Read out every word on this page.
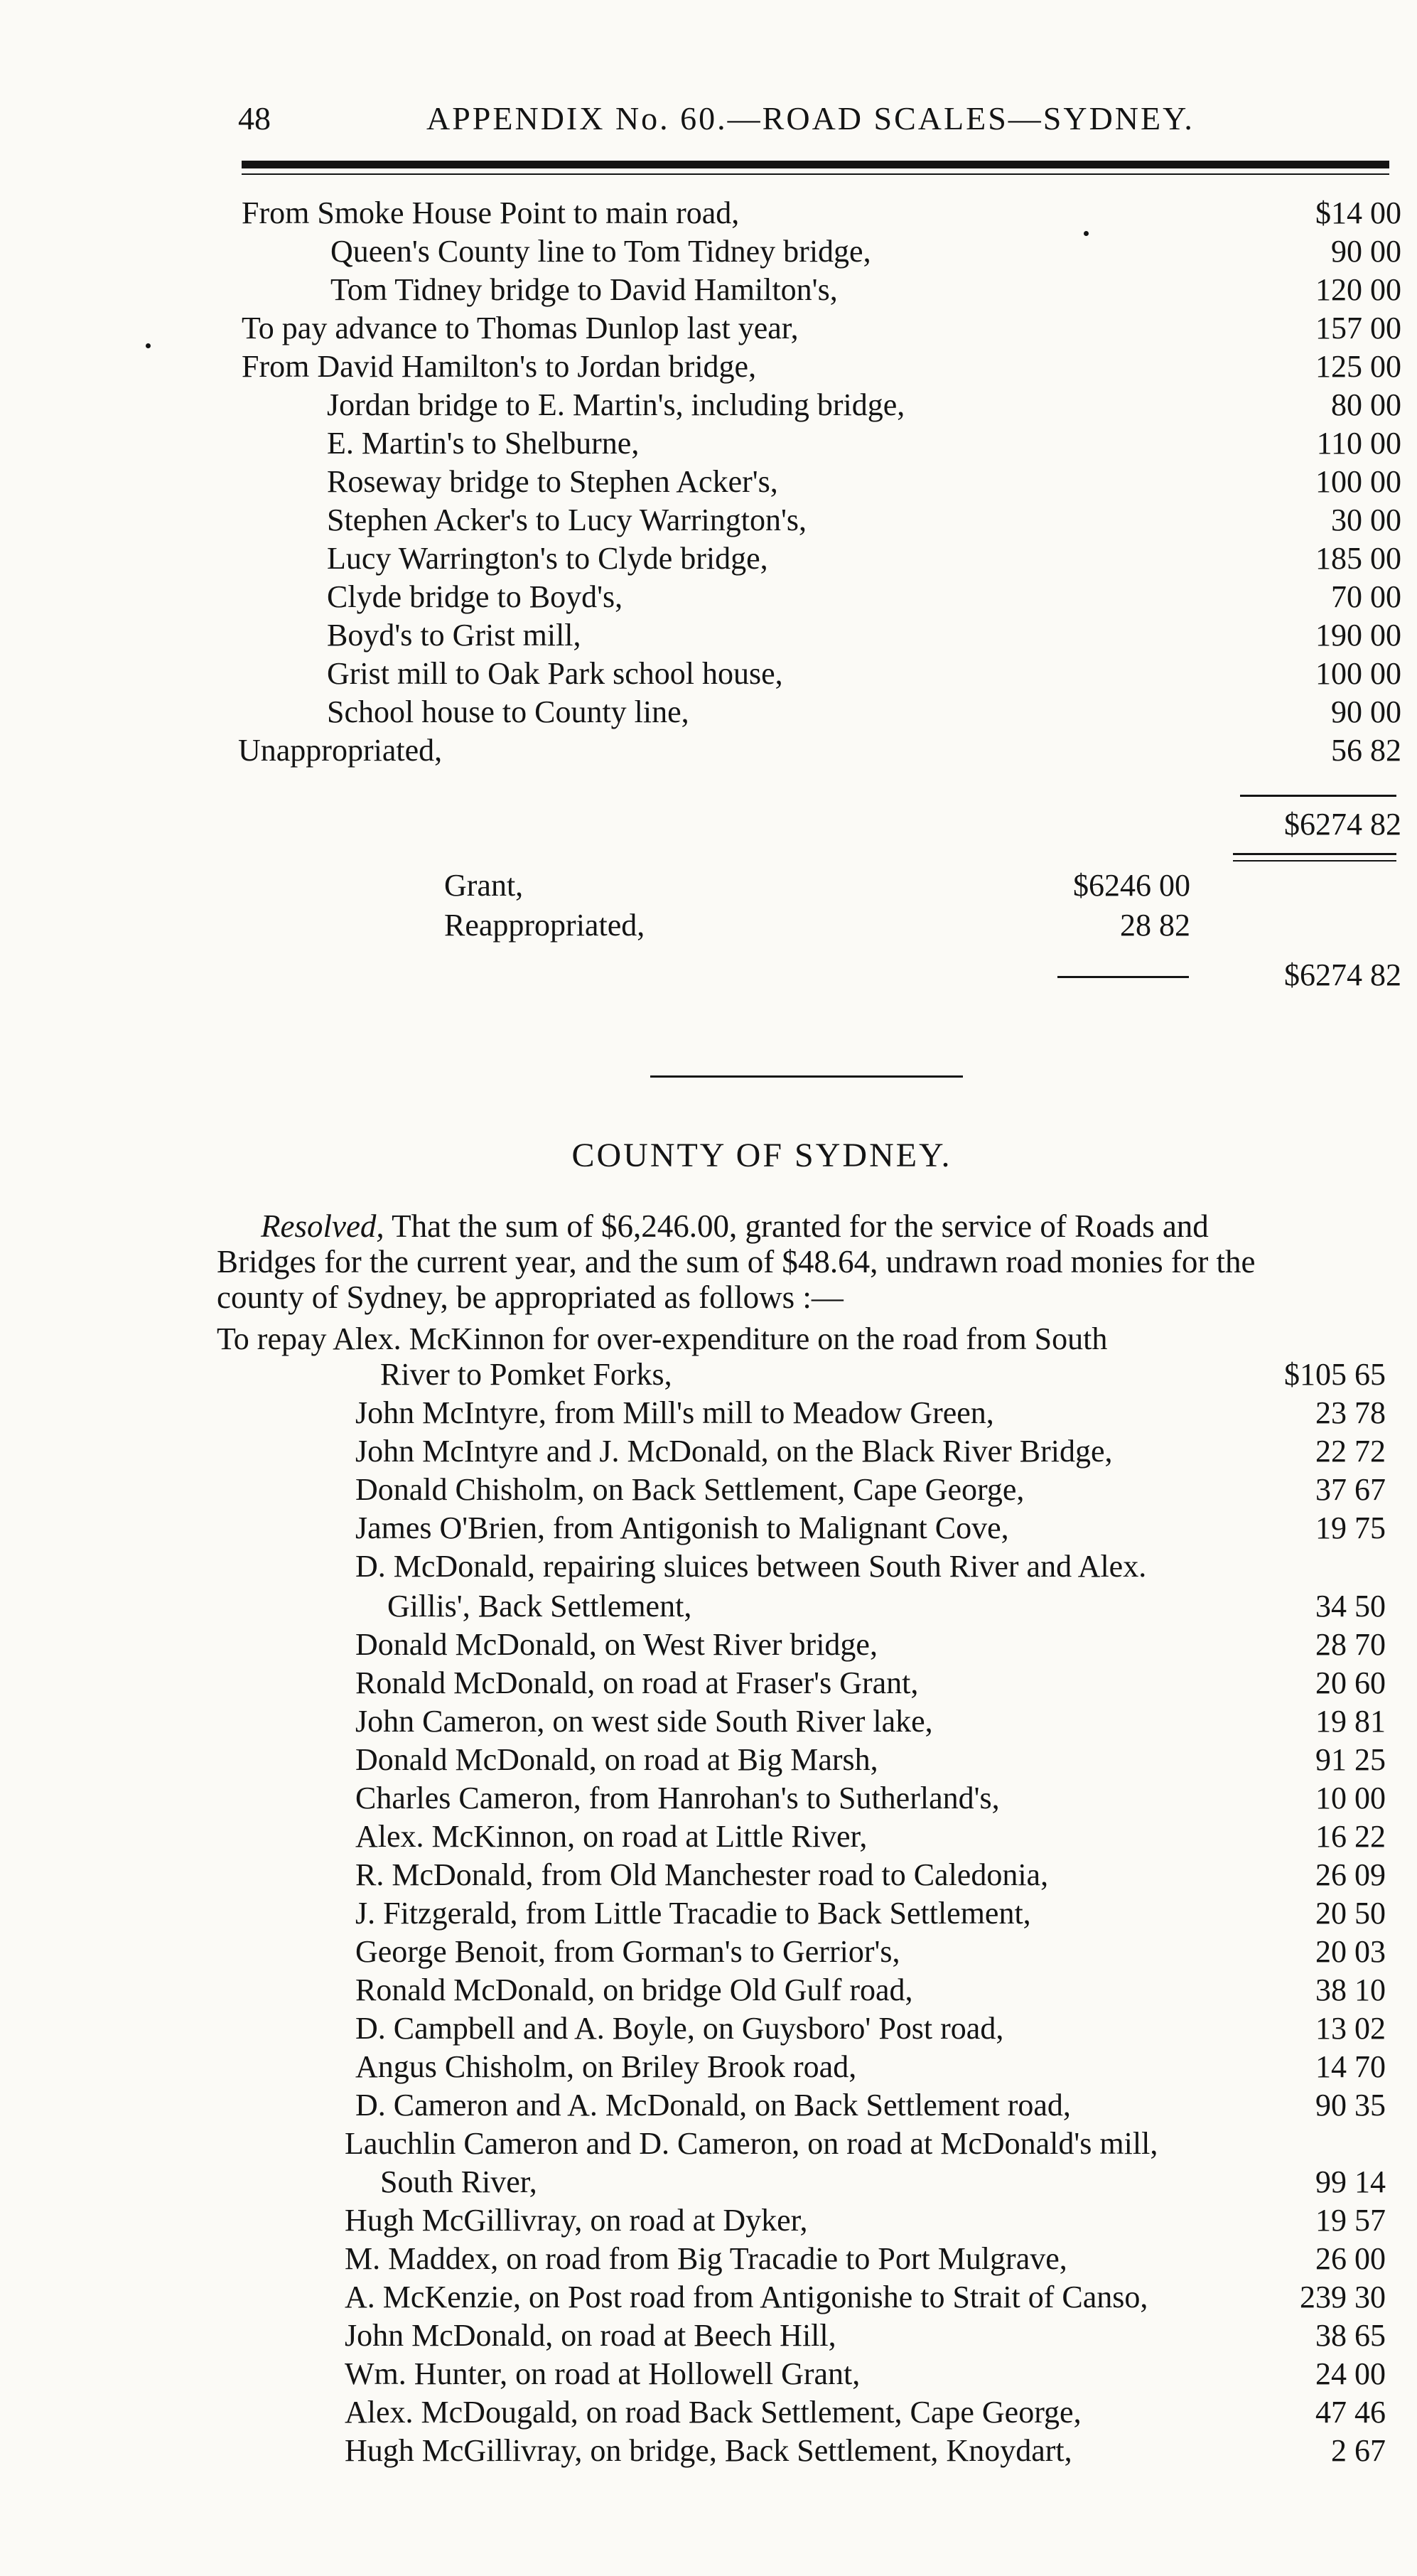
48	APPENDIX No. 60.—ROAD SCALES—SYDNEY.
From Smoke House Point to main road,	$14 00
Queen's County line to Tom Tidney bridge,	90 00
Tom Tidney bridge to David Hamilton's,	120 00
To pay advance to Thomas Dunlop last year,	157 00
From David Hamilton's to Jordan bridge,	125 00
Jordan bridge to E. Martin's, including bridge,	80 00
E. Martin's to Shelburne,	110 00
Roseway bridge to Stephen Acker's,	100 00
Stephen Acker's to Lucy Warrington's,	30 00
Lucy Warrington's to Clyde bridge,	185 00
Clyde bridge to Boyd's,	70 00
Boyd's to Grist mill,	190 00
Grist mill to Oak Park school house,	100 00
School house to County line,	90 00
Unappropriated,	56 82
$6274 82
Grant,	$6246 00
Reappropriated,	28 82
$6274 82
COUNTY OF SYDNEY.
Resolved, That the sum of $6,246.00, granted for the service of Roads and
Bridges for the current year, and the sum of $48.64, undrawn road monies for the
county of Sydney, be appropriated as follows :—
To repay Alex. McKinnon for over-expenditure on the road from South
River to Pomket Forks,	$105 65
John McIntyre, from Mill's mill to Meadow Green,	23 78
John McIntyre and J. McDonald, on the Black River Bridge,	22 72
Donald Chisholm, on Back Settlement, Cape George,	37 67
James O'Brien, from Antigonish to Malignant Cove,	19 75
D. McDonald, repairing sluices between South River and Alex.
Gillis', Back Settlement,	34 50
Donald McDonald, on West River bridge,	28 70
Ronald McDonald, on road at Fraser's Grant,	20 60
John Cameron, on west side South River lake,	19 81
Donald McDonald, on road at Big Marsh,	91 25
Charles Cameron, from Hanrohan's to Sutherland's,	10 00
Alex. McKinnon, on road at Little River,	16 22
R. McDonald, from Old Manchester road to Caledonia,	26 09
J. Fitzgerald, from Little Tracadie to Back Settlement,	20 50
George Benoit, from Gorman's to Gerrior's,	20 03
Ronald McDonald, on bridge Old Gulf road,	38 10
D. Campbell and A. Boyle, on Guysboro' Post road,	13 02
Angus Chisholm, on Briley Brook road,	14 70
D. Cameron and A. McDonald, on Back Settlement road,	90 35
Lauchlin Cameron and D. Cameron, on road at McDonald's mill,
South River,	99 14
Hugh McGillivray, on road at Dyker,	19 57
M. Maddex, on road from Big Tracadie to Port Mulgrave,	26 00
A. McKenzie, on Post road from Antigonishe to Strait of Canso,	239 30
John McDonald, on road at Beech Hill,	38 65
Wm. Hunter, on road at Hollowell Grant,	24 00
Alex. McDougald, on road Back Settlement, Cape George,	47 46
Hugh McGillivray, on bridge, Back Settlement, Knoydart,	2 67
